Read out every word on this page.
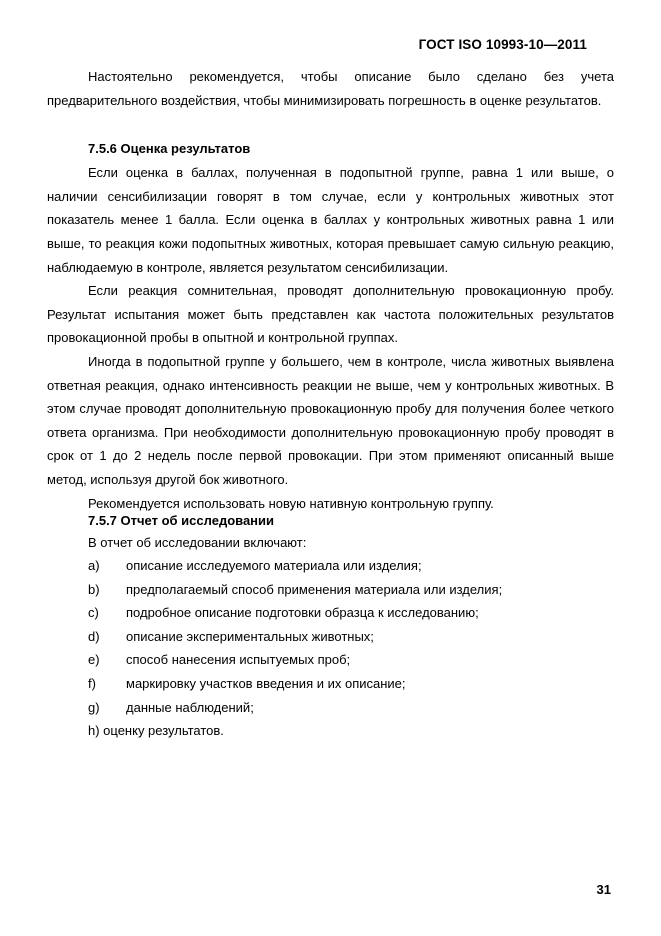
ГОСТ ISO 10993-10—2011

Настоятельно рекомендуется, чтобы описание было сделано без учета предварительного воздействия, чтобы минимизировать погрешность в оценке результатов.

7.5.6 Оценка результатов

Если оценка в баллах, полученная в подопытной группе, равна 1 или выше, о наличии сенсибилизации говорят в том случае, если у контрольных животных этот показатель менее 1 балла. Если оценка в баллах у контрольных животных равна 1 или выше, то реакция кожи подопытных животных, которая превышает самую сильную реакцию, наблюдаемую в контроле, является результатом сенсибилизации.

Если реакция сомнительная, проводят дополнительную провокационную пробу. Результат испытания может быть представлен как частота положительных результатов провокационной пробы в опытной и контрольной группах.

Иногда в подопытной группе у большего, чем в контроле, числа животных выявлена ответная реакция, однако интенсивность реакции не выше, чем у контрольных животных. В этом случае проводят дополнительную провокационную пробу для получения более четкого ответа организма. При необходимости дополнительную провокационную пробу проводят в срок от 1 до 2 недель после первой провокации. При этом применяют описанный выше метод, используя другой бок животного.

Рекомендуется использовать новую нативную контрольную группу.

7.5.7 Отчет об исследовании

В отчет об исследовании включают:

a)	описание исследуемого материала или изделия;
b)	предполагаемый способ применения материала или изделия;
c)	подробное описание подготовки образца к исследованию;
d)	описание экспериментальных животных;
e)	способ нанесения испытуемых проб;
f)	маркировку участков введения и их описание;
g)	данные наблюдений;

h) оценку результатов.

31
